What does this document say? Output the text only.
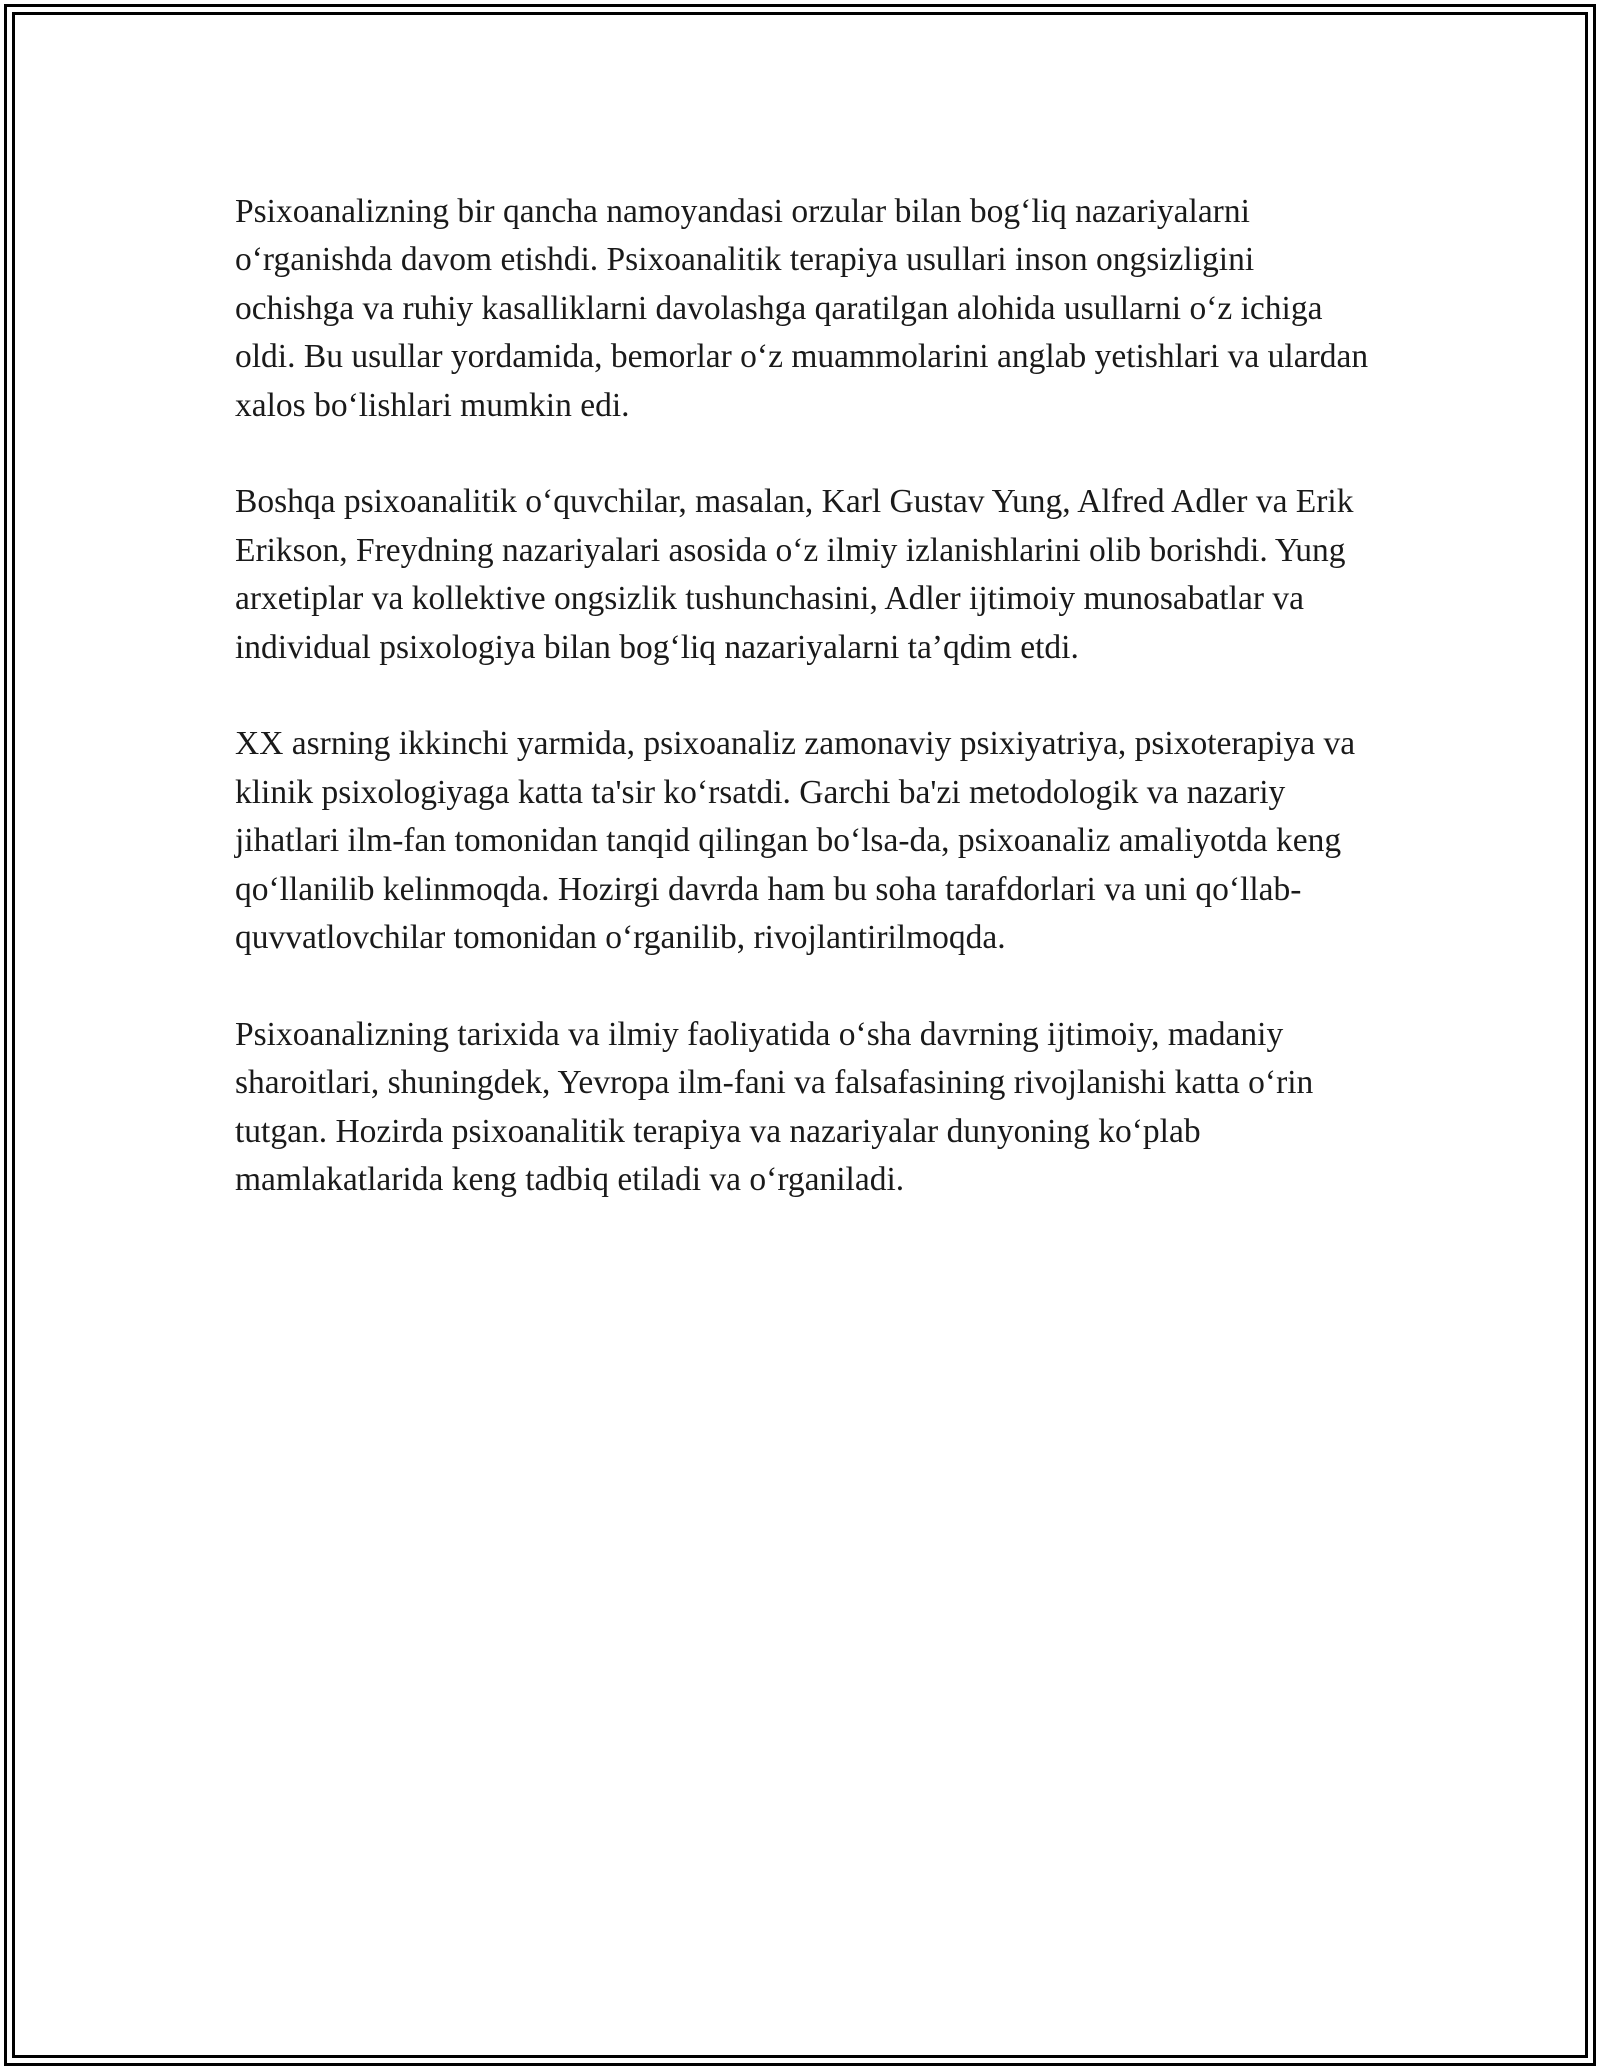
Psixoanalizning bir qancha namoyandasi orzular bilan bog‘liq nazariyalarni o‘rganishda davom etishdi. Psixoanalitik terapiya usullari inson ongsizligini ochishga va ruhiy kasalliklarni davolashga qaratilgan alohida usullarni o‘z ichiga oldi. Bu usullar yordamida, bemorlar o‘z muammolarini anglab yetishlari va ulardan xalos bo‘lishlari mumkin edi.

Boshqa psixoanalitik o‘quvchilar, masalan, Karl Gustav Yung, Alfred Adler va Erik Erikson, Freydning nazariyalari asosida o‘z ilmiy izlanishlarini olib borishdi. Yung arxetiplar va kollektive ongsizlik tushunchasini, Adler ijtimoiy munosabatlar va individual psixologiya bilan bog‘liq nazariyalarni ta’qdim etdi.

XX asrning ikkinchi yarmida, psixoanaliz zamonaviy psixiyatriya, psixoterapiya va klinik psixologiyaga katta ta'sir ko‘rsatdi. Garchi ba'zi metodologik va nazariy jihatlari ilm-fan tomonidan tanqid qilingan bo‘lsa-da, psixoanaliz amaliyotda keng qo‘llanilib kelinmoqda. Hozirgi davrda ham bu soha tarafdorlari va uni qo‘llab-quvvatlovchilar tomonidan o‘rganilib, rivojlantirilmoqda.

Psixoanalizning tarixida va ilmiy faoliyatida o‘sha davrning ijtimoiy, madaniy sharoitlari, shuningdek, Yevropa ilm-fani va falsafasining rivojlanishi katta o‘rin tutgan. Hozirda psixoanalitik terapiya va nazariyalar dunyoning ko‘plab mamlakatlarida keng tadbiq etiladi va o‘rganiladi.
